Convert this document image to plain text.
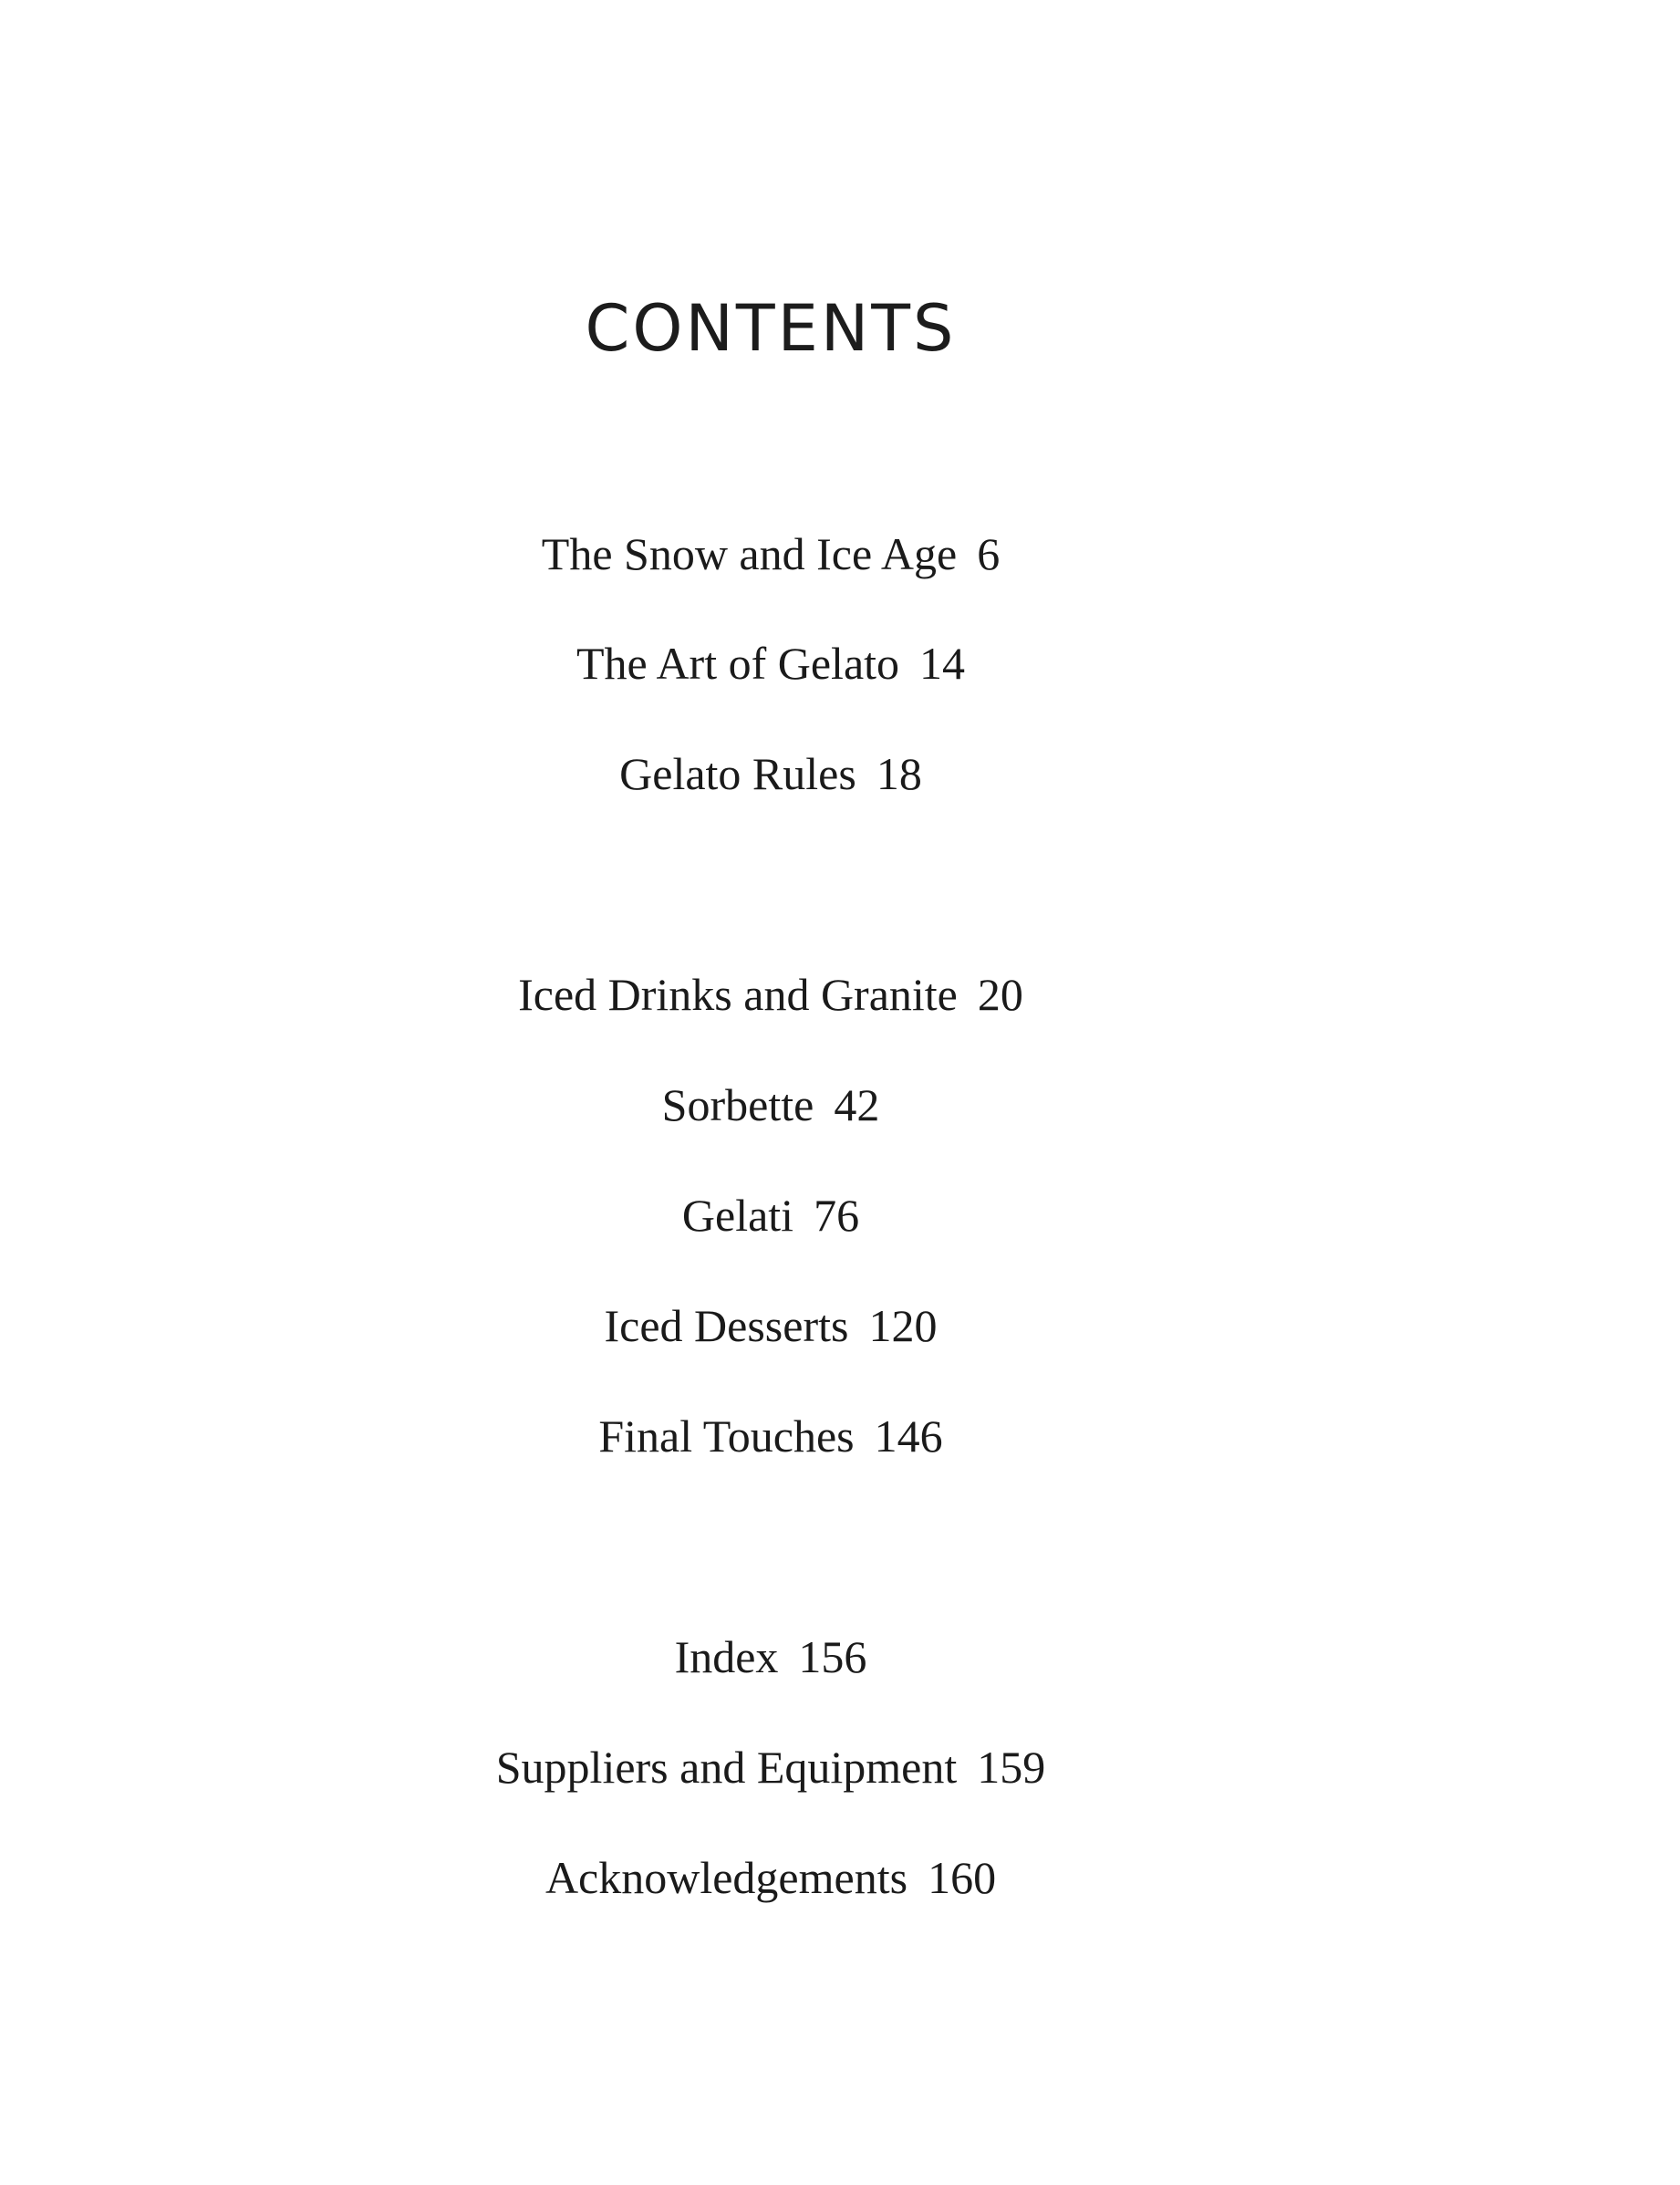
CONTENTS
The Snow and Ice Age 6
The Art of Gelato 14
Gelato Rules 18
Iced Drinks and Granite 20
Sorbette 42
Gelati 76
Iced Desserts 120
Final Touches 146
Index 156
Suppliers and Equipment 159
Acknowledgements 160
